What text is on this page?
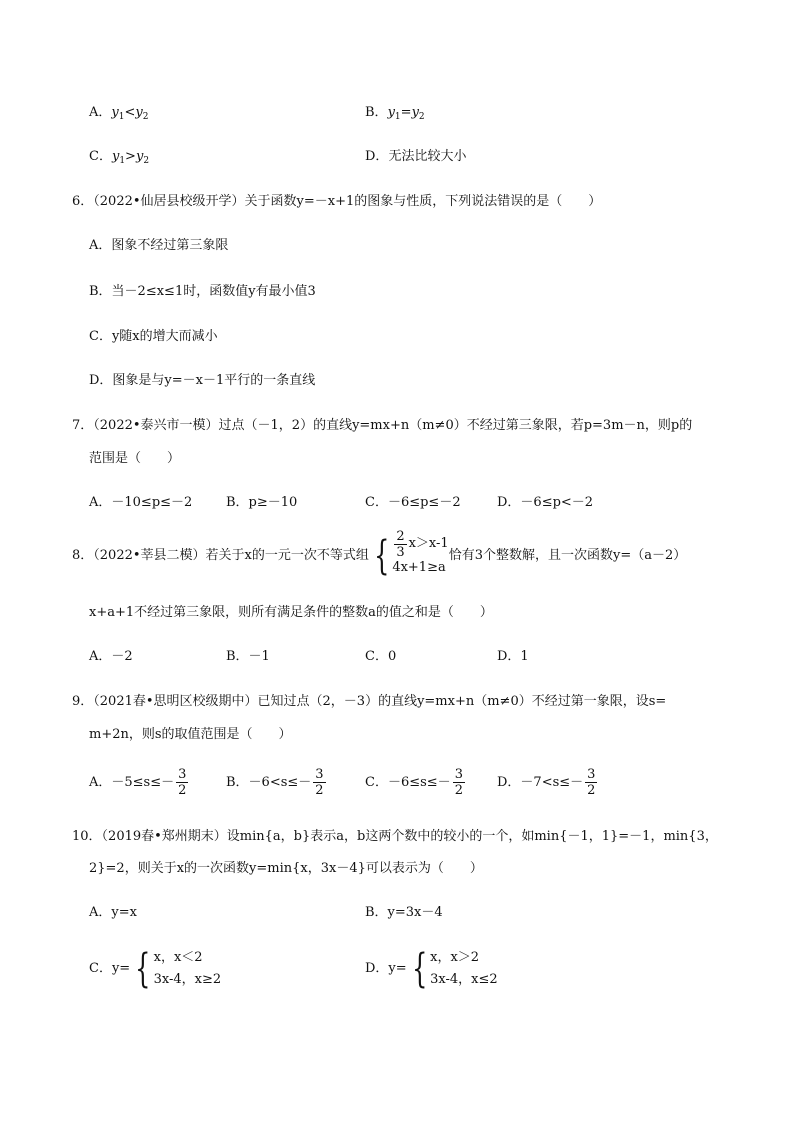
A．$y_1<y_2$	B．$y_1=y_2$
C．$y_1>y_2$	D．无法比较大小
6．（2022•仙居县校级开学）关于函数y=－x+1的图象与性质，下列说法错误的是（　　）
A．图象不经过第三象限
B．当－2≤x≤1时，函数值y有最小值3
C．y随x的增大而减小
D．图象是与y=－x－1平行的一条直线
7．（2022•泰兴市一模）过点（－1，2）的直线y=mx+n（m≠0）不经过第三象限，若p=3m－n，则p的
范围是（　　）
A．－10≤p≤－2	B．p≥－10	C．－6≤p≤－2	D．－6≤p<－2
8．（2022•莘县二模）若关于x的一元一次不等式组 { $\frac{2}{3} x>x-1$
4x+1≥a
恰有3个整数解，且一次函数y=（a－2）
x+a+1不经过第三象限，则所有满足条件的整数a的值之和是（　　）
A．－2	B．－1	C．0	D．1
9．（2021春•思明区校级期中）已知过点（2，－3）的直线y=mx+n（m≠0）不经过第一象限，设s=
m+2n，则s的取值范围是（　　）
A．$-5\le s\le- \frac{3}{2}$	B．$-6<s\le- \frac{3}{2}$	C．$-6\le s\le- \frac{3}{2}$ D．$-7<s\le- \frac{3}{2}$
10．（2019春•郑州期末）设min{a，b}表示a，b这两个数中的较小的一个，如min{－1，1}=－1，min{3，
2}=2，则关于x的一次函数y=min{x，3x－4}可以表示为（　　）
A．y=x	B．y=3x－4
C．y= { x，x＜2
3x-4，x≥2
D．y= { x，x＞2
3x-4，x≤2
